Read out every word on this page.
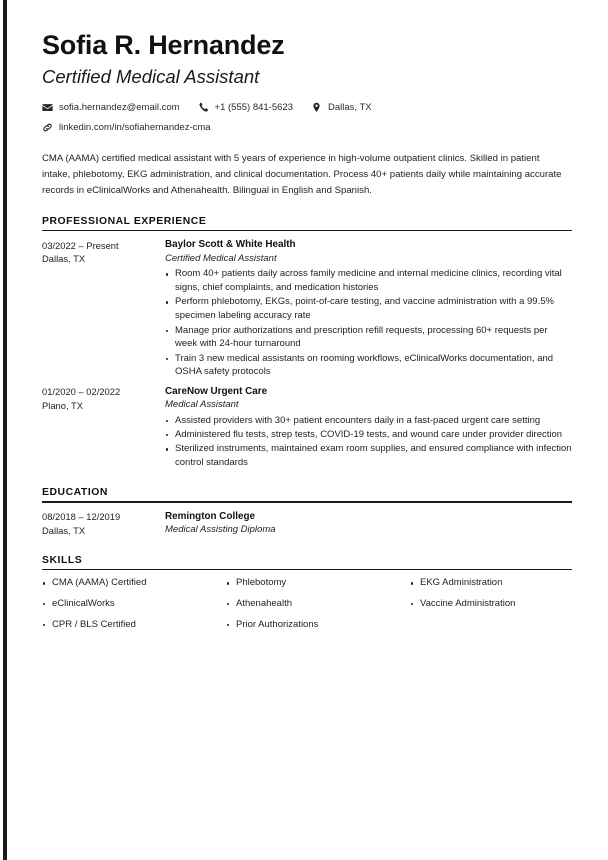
Sofia R. Hernandez
Certified Medical Assistant
sofia.hernandez@email.com	+1 (555) 841-5623	Dallas, TX
linkedin.com/in/sofiahernandez-cma

CMA (AAMA) certified medical assistant with 5 years of experience in high-volume outpatient clinics. Skilled in patient intake, phlebotomy, EKG administration, and clinical documentation. Process 40+ patients daily while maintaining accurate records in eClinicalWorks and Athenahealth. Bilingual in English and Spanish.

PROFESSIONAL EXPERIENCE
03/2022 – Present
Dallas, TX
Baylor Scott & White Health
Certified Medical Assistant
Room 40+ patients daily across family medicine and internal medicine clinics, recording vital signs, chief complaints, and medication histories
Perform phlebotomy, EKGs, point-of-care testing, and vaccine administration with a 99.5% specimen labeling accuracy rate
Manage prior authorizations and prescription refill requests, processing 60+ requests per week with 24-hour turnaround
Train 3 new medical assistants on rooming workflows, eClinicalWorks documentation, and OSHA safety protocols
01/2020 – 02/2022
Plano, TX
CareNow Urgent Care
Medical Assistant
Assisted providers with 30+ patient encounters daily in a fast-paced urgent care setting
Administered flu tests, strep tests, COVID-19 tests, and wound care under provider direction
Sterilized instruments, maintained exam room supplies, and ensured compliance with infection control standards
EDUCATION
08/2018 – 12/2019
Dallas, TX
Remington College
Medical Assisting Diploma
SKILLS
CMA (AAMA) Certified
eClinicalWorks
CPR / BLS Certified
Phlebotomy
Athenahealth
Prior Authorizations
EKG Administration
Vaccine Administration
